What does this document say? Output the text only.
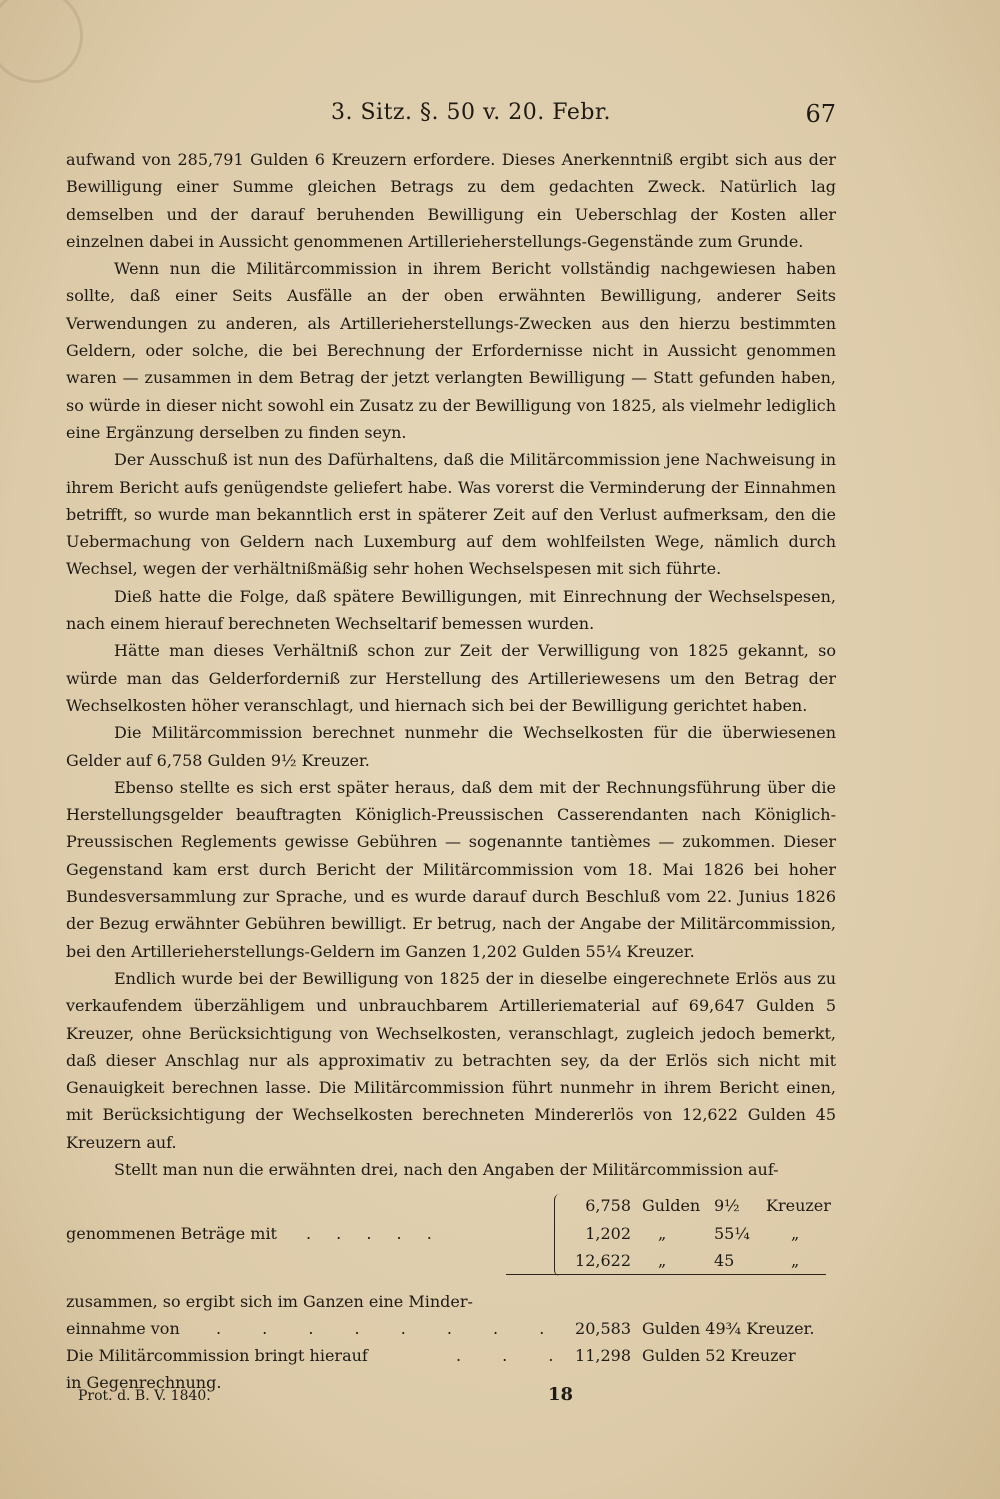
3. Sitz. §. 50 v. 20. Febr.	67

aufwand von 285,791 Gulden 6 Kreuzern erfordere. Dieses Anerkenntniß ergibt sich aus der Bewilligung einer Summe gleichen Betrags zu dem gedachten Zweck. Natürlich lag demselben und der darauf beruhenden Bewilligung ein Ueberschlag der Kosten aller einzelnen dabei in Aussicht genommenen Artillerieherstellungs-Gegenstände zum Grunde.

Wenn nun die Militärcommission in ihrem Bericht vollständig nachgewiesen haben sollte, daß einer Seits Ausfälle an der oben erwähnten Bewilligung, anderer Seits Verwendungen zu anderen, als Artillerieherstellungs-Zwecken aus den hierzu bestimmten Geldern, oder solche, die bei Berechnung der Erfordernisse nicht in Aussicht genommen waren — zusammen in dem Betrag der jetzt verlangten Bewilligung — Statt gefunden haben, so würde in dieser nicht sowohl ein Zusatz zu der Bewilligung von 1825, als vielmehr lediglich eine Ergänzung derselben zu finden seyn.

Der Ausschuß ist nun des Dafürhaltens, daß die Militärcommission jene Nachweisung in ihrem Bericht aufs genügendste geliefert habe. Was vorerst die Verminderung der Einnahmen betrifft, so wurde man bekanntlich erst in späterer Zeit auf den Verlust aufmerksam, den die Uebermachung von Geldern nach Luxemburg auf dem wohlfeilsten Wege, nämlich durch Wechsel, wegen der verhältnißmäßig sehr hohen Wechselspesen mit sich führte.

Dieß hatte die Folge, daß spätere Bewilligungen, mit Einrechnung der Wechselspesen, nach einem hierauf berechneten Wechseltarif bemessen wurden.

Hätte man dieses Verhältniß schon zur Zeit der Verwilligung von 1825 gekannt, so würde man das Gelderforderniß zur Herstellung des Artilleriewesens um den Betrag der Wechselkosten höher veranschlagt, und hiernach sich bei der Bewilligung gerichtet haben.

Die Militärcommission berechnet nunmehr die Wechselkosten für die überwiesenen Gelder auf 6,758 Gulden 9½ Kreuzer.

Ebenso stellte es sich erst später heraus, daß dem mit der Rechnungsführung über die Herstellungsgelder beauftragten Königlich-Preussischen Casserendanten nach Königlich-Preussischen Reglements gewisse Gebühren — sogenannte tantièmes — zukommen. Dieser Gegenstand kam erst durch Bericht der Militärcommission vom 18. Mai 1826 bei hoher Bundesversammlung zur Sprache, und es wurde darauf durch Beschluß vom 22. Junius 1826 der Bezug erwähnter Gebühren bewilligt. Er betrug, nach der Angabe der Militärcommission, bei den Artillerieherstellungs-Geldern im Ganzen 1,202 Gulden 55¼ Kreuzer.

Endlich wurde bei der Bewilligung von 1825 der in dieselbe eingerechnete Erlös aus zu verkaufendem überzähligem und unbrauchbarem Artilleriematerial auf 69,647 Gulden 5 Kreuzer, ohne Berücksichtigung von Wechselkosten, veranschlagt, zugleich jedoch bemerkt, daß dieser Anschlag nur als approximativ zu betrachten sey, da der Erlös sich nicht mit Genauigkeit berechnen lasse. Die Militärcommission führt nunmehr in ihrem Bericht einen, mit Berücksichtigung der Wechselkosten berechneten Mindererlös von 12,622 Gulden 45 Kreuzern auf.

Stellt man nun die erwähnten drei, nach den Angaben der Militärcommission auf-

6,758 Gulden 9½ Kreuzer
genommenen Beträge mit . . . . .	1,202 „	55¼	„
12,622 „	45	„
zusammen, so ergibt sich im Ganzen eine Minder-
einnahme von . . . . . . . . 20,583 Gulden 49¾ Kreuzer.
Die Militärcommission bringt hierauf	. . . 11,298 Gulden 52 Kreuzer
in Gegenrechnung.
Prot. d. B. V. 1840.	18
